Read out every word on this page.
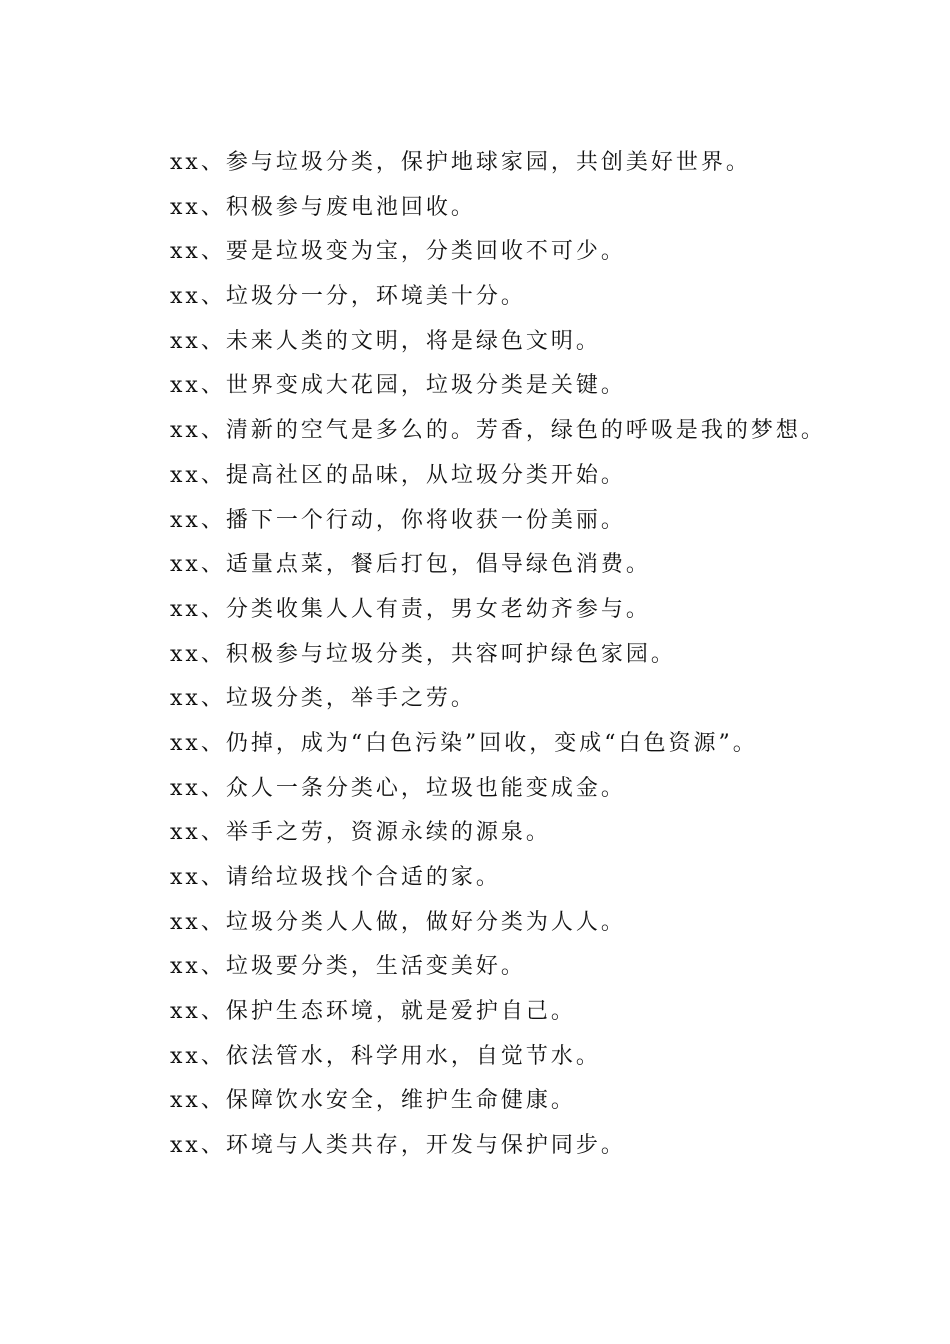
xx、参与垃圾分类，保护地球家园，共创美好世界。
xx、积极参与废电池回收。
xx、要是垃圾变为宝，分类回收不可少。
xx、垃圾分一分，环境美十分。
xx、未来人类的文明，将是绿色文明。
xx、世界变成大花园，垃圾分类是关键。
xx、清新的空气是多么的。芳香，绿色的呼吸是我的梦想。
xx、提高社区的品味，从垃圾分类开始。
xx、播下一个行动，你将收获一份美丽。
xx、适量点菜，餐后打包，倡导绿色消费。
xx、分类收集人人有责，男女老幼齐参与。
xx、积极参与垃圾分类，共容呵护绿色家园。
xx、垃圾分类，举手之劳。
xx、仍掉，成为“白色污染”回收，变成“白色资源”。
xx、众人一条分类心，垃圾也能变成金。
xx、举手之劳，资源永续的源泉。
xx、请给垃圾找个合适的家。
xx、垃圾分类人人做，做好分类为人人。
xx、垃圾要分类，生活变美好。
xx、保护生态环境，就是爱护自己。
xx、依法管水，科学用水，自觉节水。
xx、保障饮水安全，维护生命健康。
xx、环境与人类共存，开发与保护同步。
